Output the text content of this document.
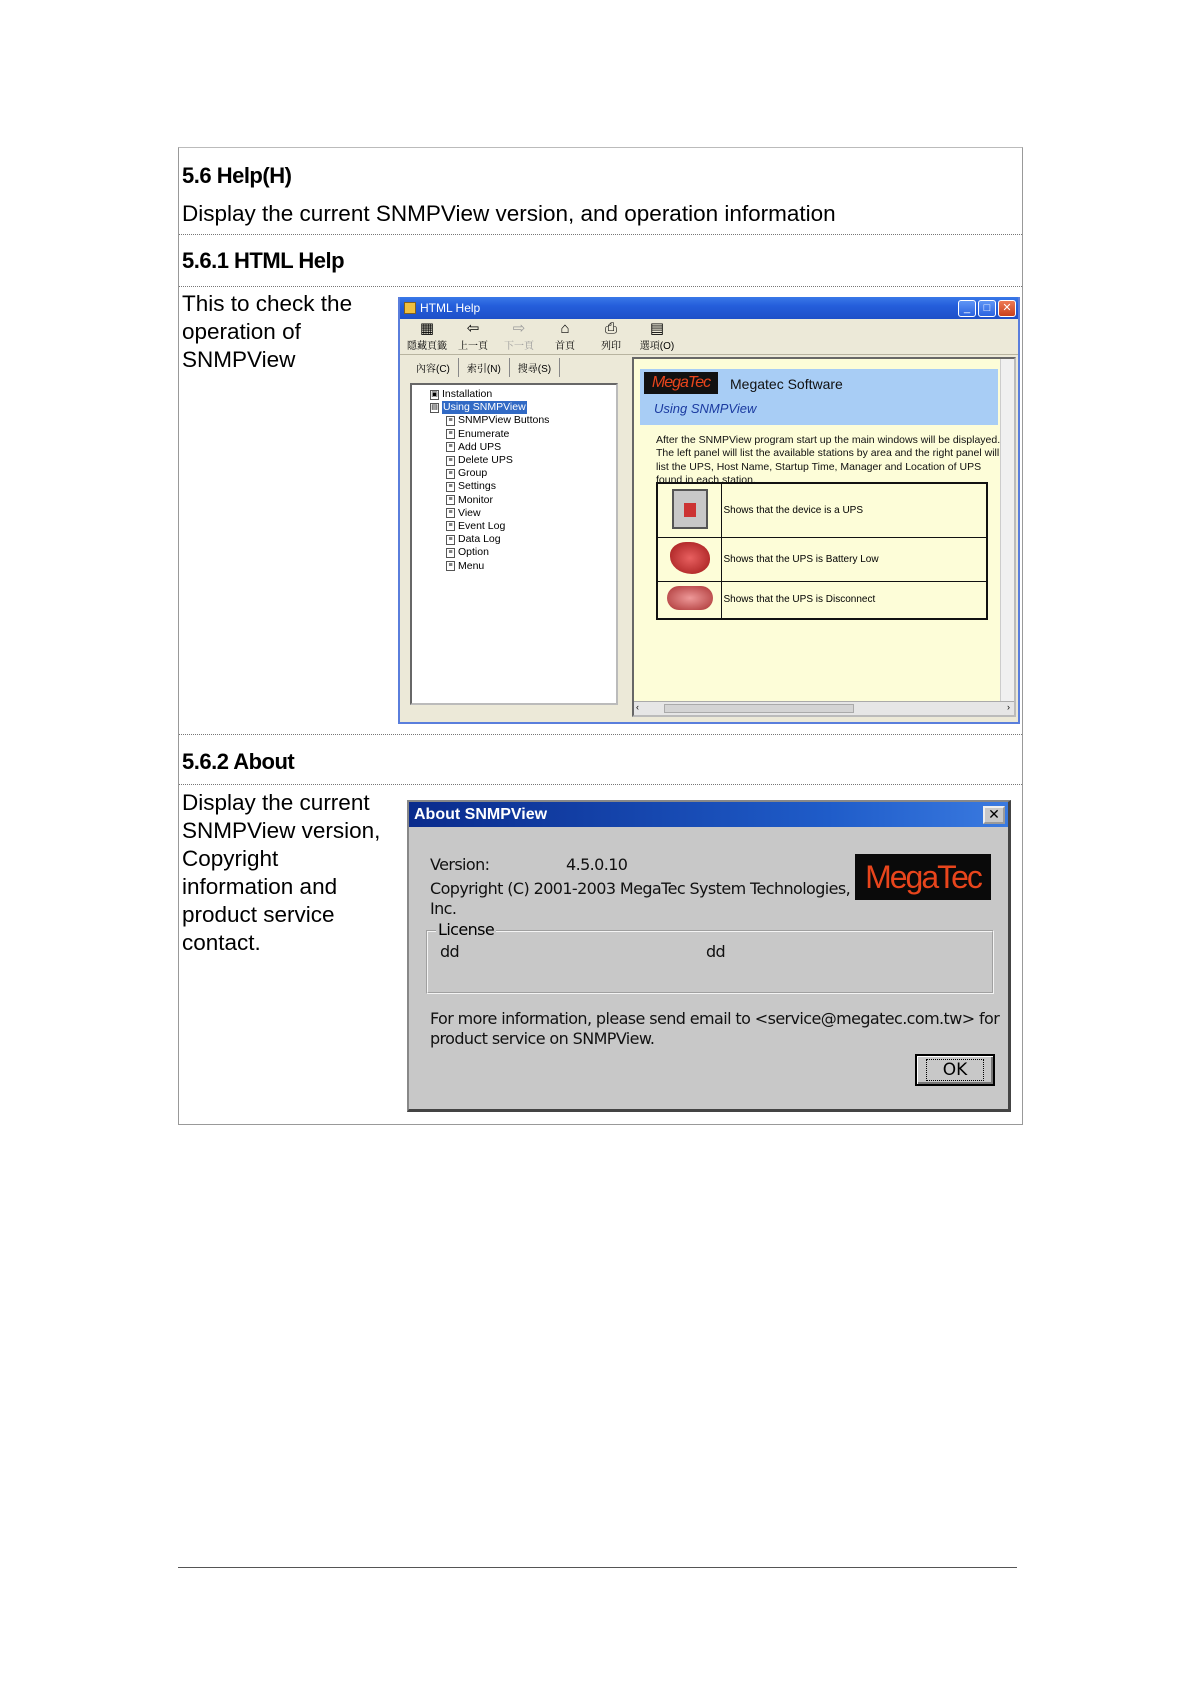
5.6 Help(H)
Display the current SNMPView version, and operation information
5.6.1 HTML Help
This to check the operation of SNMPView
5.6.2 About
Display the current SNMPView version, Copyright information and product service contact.
HTML Help	_	□	✕
▦
隱藏頁籤
⇦
上一頁
⇨
下一頁
⌂
首頁
⎙
列印
▤
選項(O)
內容(C)	索引(N)	搜尋(S)
▣ Installation
▤ Using SNMPView
≡ SNMPView Buttons
≡ Enumerate
≡ Add UPS
≡ Delete UPS
≡ Group
≡ Settings
≡ Monitor
≡ View
≡ Event Log
≡ Data Log
≡ Option
≡ Menu
MegaTec	Megatec Software
Using SNMPView
After the SNMPView program start up the main windows will be displayed. The left panel will list the available stations by area and the right panel will list the UPS, Host Name, Startup Time, Manager and Location of UPS found in each station.
	Shows that the device is a UPS
	Shows that the UPS is Battery Low
	Shows that the UPS is Disconnect
‹	›
About SNMPView	✕
Version:	4.5.0.10
Copyright (C) 2001-2003 MegaTec System Technologies,
Inc.
MegaTec
License
dd	dd
For more information, please send email to <service@megatec.com.tw> for
product service on SNMPView.
OK
